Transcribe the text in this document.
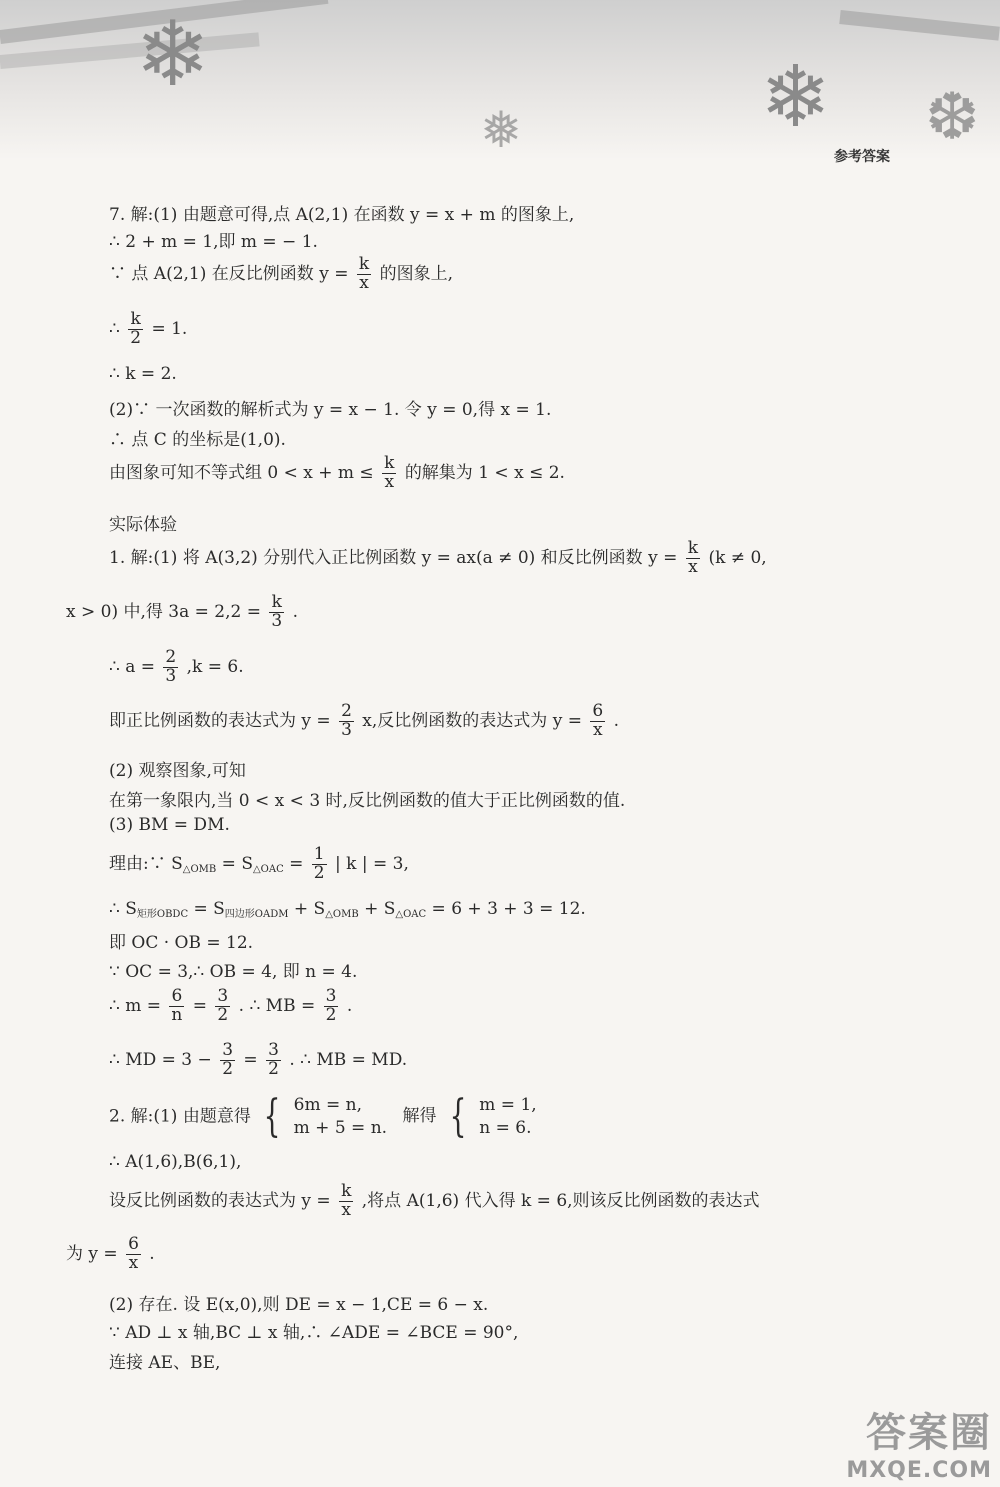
❄
❅	❄ ❆
参考答案
7. 解:(1) 由题意可得,点 A(2,1) 在函数 y = x + m 的图象上,
∴ 2 + m = 1,即 m = − 1.
∵ 点 A(2,1) 在反比例函数 $y = \frac{k}{x}$ 的图象上,
∴ $\frac{k}{2} = 1$.
∴ k = 2.
(2)∵ 一次函数的解析式为 y = x − 1. 令 y = 0,得 x = 1.
∴ 点 C 的坐标是(1,0).
由图象可知不等式组 $0 < x + m \le \frac{k}{x}$ 的解集为 1 < x ≤ 2.
实际体验
1. 解:(1) 将 A(3,2) 分别代入正比例函数 y = ax(a ≠ 0) 和反比例函数 $y = \frac{k}{x} (k \ne 0$,
x > 0) 中,得 $3a = 2,2 = \frac{k}{3}$ .
∴ $a = \frac{2}{3} ,k = 6$.
即正比例函数的表达式为 $y = \frac{2}{3} x$,反比例函数的表达式为 $y = \frac{6}{x}$ .
(2) 观察图象,可知
在第一象限内,当 0 < x < 3 时,反比例函数的值大于正比例函数的值.
(3) BM = DM.
理由:∵ $S_{\triangle OMB} = S_{\triangle OAC} = \frac{1}{2}$ | k | = 3,
∴ $S_{矩形OBDC} = S_{四边形OADM} + S_{\triangle OMB} + S_{\triangle OAC} = 6 + 3 + 3 = 12$.
即 OC · OB = 12.
∵ OC = 3,∴ OB = 4, 即 n = 4.
∴ $m = \frac{6}{n} = \frac{3}{2}$ . ∴ MB = $\frac{3}{2}$ .
∴ MD = $3 - \frac{3}{2} = \frac{3}{2}$ . ∴ MB = MD.
2. 解:(1) 由题意得 { 6m = n,
m + 5 = n.
解得 { m = 1,
n = 6.
∴ A(1,6),B(6,1),
设反比例函数的表达式为 $y = \frac{k}{x}$ ,将点 A(1,6) 代入得 k = 6,则该反比例函数的表达式
为 $y = \frac{6}{x}$ .
(2) 存在. 设 E(x,0),则 DE = x − 1,CE = 6 − x.
∵ AD ⊥ x 轴,BC ⊥ x 轴,∴ ∠ADE = ∠BCE = 90°,
连接 AE、BE,
答案圈
MXQE.COM
